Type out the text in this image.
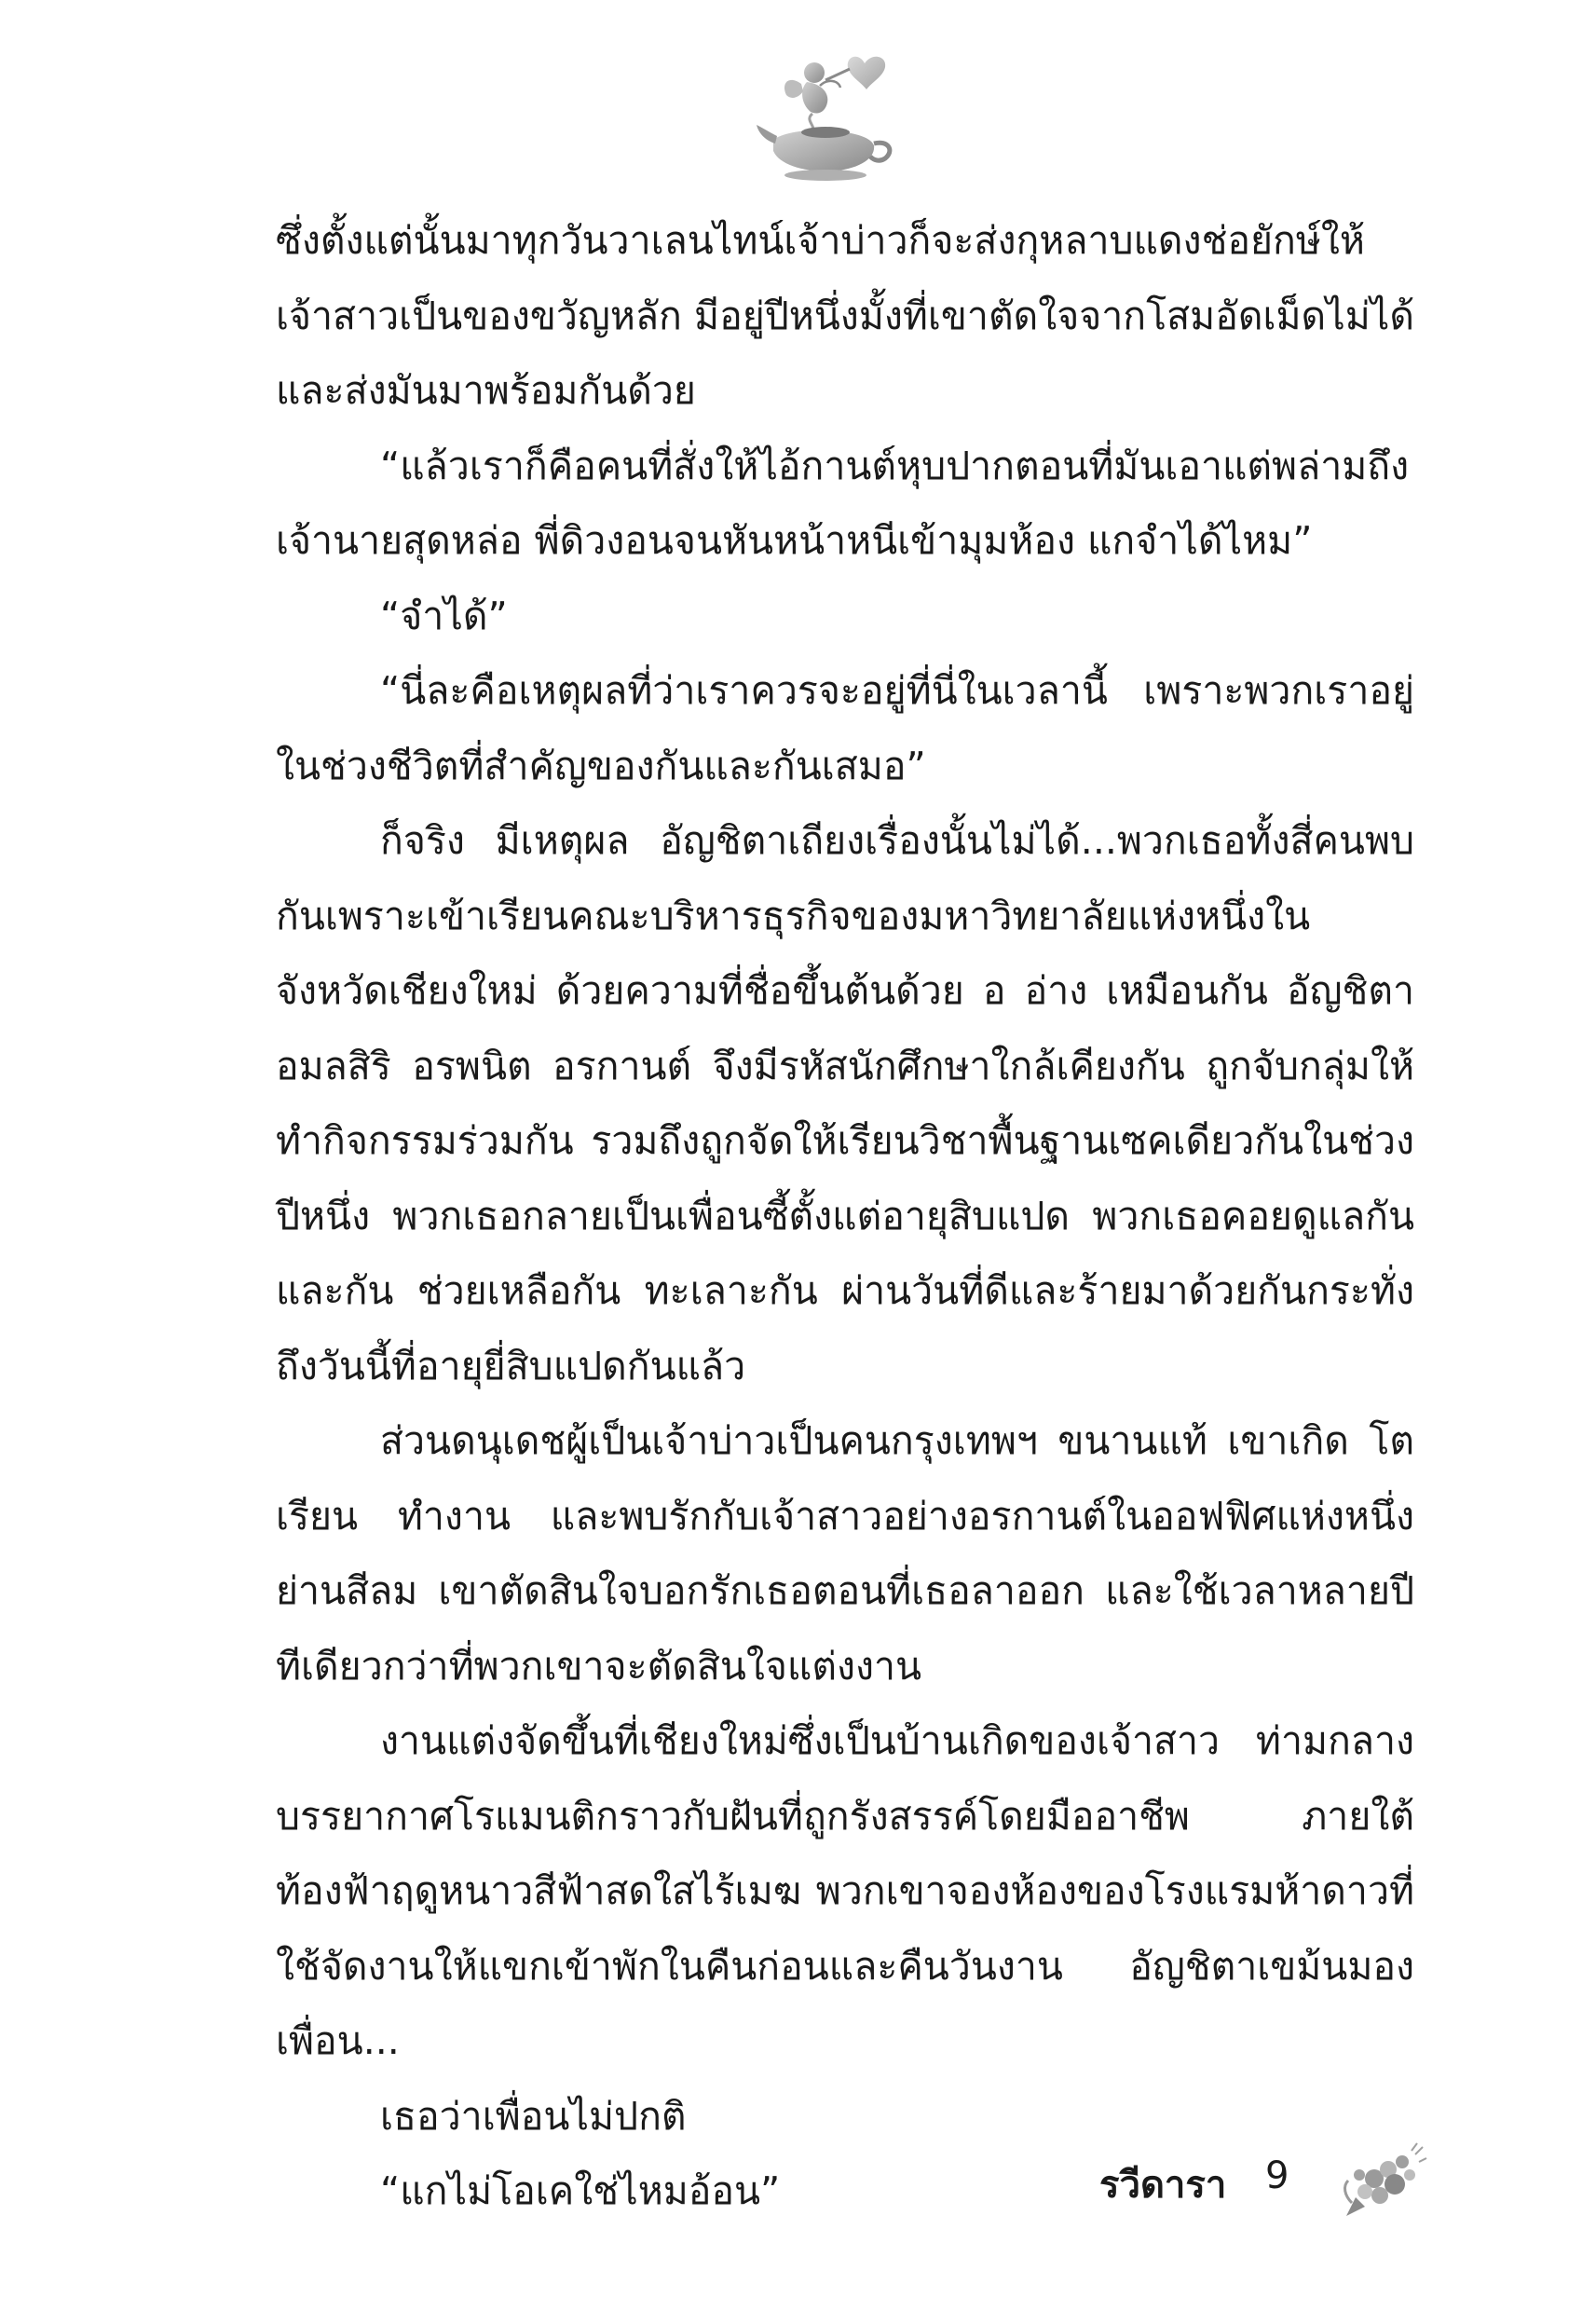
ซึ่งตั้งแต่นั้นมาทุกวันวาเลนไทน์เจ้าบ่าวก็จะส่งกุหลาบแดงช่อยักษ์ให้เจ้าสาวเป็นของขวัญหลัก มีอยู่ปีหนึ่งมั้งที่เขาตัดใจจากโสมอัดเม็ดไม่ได้และส่งมันมาพร้อมกันด้วย

“แล้วเราก็คือคนที่สั่งให้ไอ้กานต์หุบปากตอนที่มันเอาแต่พล่ามถึงเจ้านายสุดหล่อ พี่ดิวงอนจนหันหน้าหนีเข้ามุมห้อง แกจำได้ไหม”

“จำได้”

“นี่ละคือเหตุผลที่ว่าเราควรจะอยู่ที่นี่ในเวลานี้ เพราะพวกเราอยู่ในช่วงชีวิตที่สำคัญของกันและกันเสมอ”

ก็จริง มีเหตุผล อัญชิตาเถียงเรื่องนั้นไม่ได้...พวกเธอทั้งสี่คนพบกันเพราะเข้าเรียนคณะบริหารธุรกิจของมหาวิทยาลัยแห่งหนึ่งในจังหวัดเชียงใหม่ ด้วยความที่ชื่อขึ้นต้นด้วย อ อ่าง เหมือนกัน อัญชิตา อมลสิริ อรพนิต อรกานต์ จึงมีรหัสนักศึกษาใกล้เคียงกัน ถูกจับกลุ่มให้ทำกิจกรรมร่วมกัน รวมถึงถูกจัดให้เรียนวิชาพื้นฐานเซคเดียวกันในช่วงปีหนึ่ง พวกเธอกลายเป็นเพื่อนซี้ตั้งแต่อายุสิบแปด พวกเธอคอยดูแลกันและกัน ช่วยเหลือกัน ทะเลาะกัน ผ่านวันที่ดีและร้ายมาด้วยกันกระทั่งถึงวันนี้ที่อายุยี่สิบแปดกันแล้ว

ส่วนดนุเดชผู้เป็นเจ้าบ่าวเป็นคนกรุงเทพฯ ขนานแท้ เขาเกิด โต เรียน ทำงาน และพบรักกับเจ้าสาวอย่างอรกานต์ในออฟฟิศแห่งหนึ่งย่านสีลม เขาตัดสินใจบอกรักเธอตอนที่เธอลาออก และใช้เวลาหลายปีทีเดียวกว่าที่พวกเขาจะตัดสินใจแต่งงาน

งานแต่งจัดขึ้นที่เชียงใหม่ซึ่งเป็นบ้านเกิดของเจ้าสาว ท่ามกลางบรรยากาศโรแมนติกราวกับฝันที่ถูกรังสรรค์โดยมืออาชีพ ภายใต้ท้องฟ้าฤดูหนาวสีฟ้าสดใสไร้เมฆ พวกเขาจองห้องของโรงแรมห้าดาวที่ใช้จัดงานให้แขกเข้าพักในคืนก่อนและคืนวันงาน อัญชิตาเขม้นมองเพื่อน...

เธอว่าเพื่อนไม่ปกติ

“แกไม่โอเคใช่ไหมอ้อน”	รวีดารา 9
